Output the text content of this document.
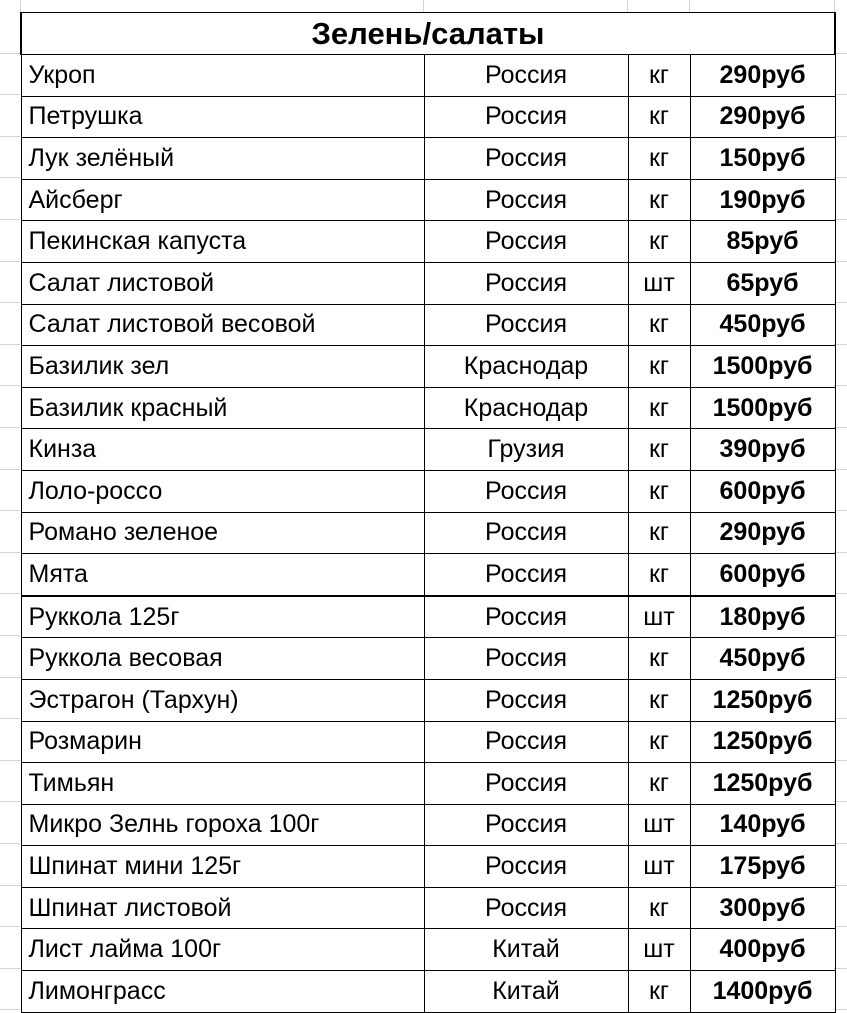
Зелень/салаты			
Укроп	Россия	кг	290руб
Петрушка	Россия	кг	290руб
Лук зелёный	Россия	кг	150руб
Айсберг	Россия	кг	190руб
Пекинская капуста	Россия	кг	85руб
Салат листовой	Россия	шт	65руб
Салат листовой весовой	Россия	кг	450руб
Базилик зел	Краснодар	кг	1500руб
Базилик красный	Краснодар	кг	1500руб
Кинза	Грузия	кг	390руб
Лоло-россо	Россия	кг	600руб
Романо зеленое	Россия	кг	290руб
Мята	Россия	кг	600руб
Руккола 125г	Россия	шт	180руб
Руккола весовая	Россия	кг	450руб
Эстрагон (Тархун)	Россия	кг	1250руб
Розмарин	Россия	кг	1250руб
Тимьян	Россия	кг	1250руб
Микро Зелнь гороха 100г	Россия	шт	140руб
Шпинат мини 125г	Россия	шт	175руб
Шпинат листовой	Россия	кг	300руб
Лист лайма 100г	Китай	шт	400руб
Лимонграсс	Китай	кг	1400руб
